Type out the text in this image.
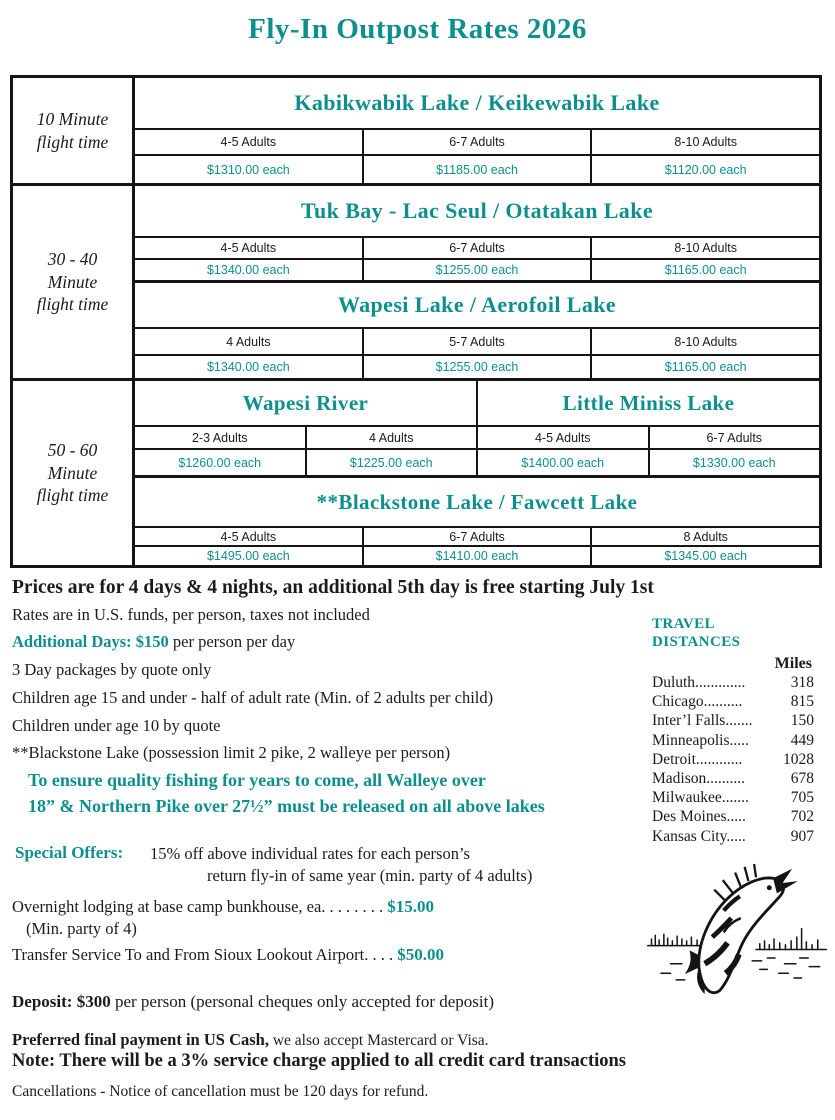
Fly-In Outpost Rates 2026
10 Minute
flight time
Kabikwabik Lake / Keikewabik Lake
4-5 Adults	6-7 Adults	8-10 Adults
$1310.00 each	$1185.00 each	$1120.00 each
30 - 40
Minute
flight time
Tuk Bay - Lac Seul / Otatakan Lake
4-5 Adults	6-7 Adults	8-10 Adults
$1340.00 each	$1255.00 each	$1165.00 each
Wapesi Lake / Aerofoil Lake
4 Adults	5-7 Adults	8-10 Adults
$1340.00 each	$1255.00 each	$1165.00 each
50 - 60
Minute
flight time
Wapesi River
2-3 Adults	4 Adults
$1260.00 each	$1225.00 each
Little Miniss Lake
4-5 Adults	6-7 Adults
$1400.00 each	$1330.00 each
**Blackstone Lake / Fawcett Lake
4-5 Adults	6-7 Adults	8 Adults
$1495.00 each	$1410.00 each	$1345.00 each
Prices are for 4 days & 4 nights, an additional 5th day is free starting July 1st
Rates are in U.S. funds, per person, taxes not included
Additional Days: $150 per person per day
3 Day packages by quote only
Children age 15 and under - half of adult rate (Min. of 2 adults per child)
Children under age 10 by quote
**Blackstone Lake (possession limit 2 pike, 2 walleye per person)
To ensure quality fishing for years to come, all Walleye over
18” & Northern Pike over 27½” must be released on all above lakes
Special Offers: 15% off above individual rates for each person’s
return fly-in of same year (min. party of 4 adults)
Overnight lodging at base camp bunkhouse, ea. . . . . . . . $15.00
(Min. party of 4)
Transfer Service To and From Sioux Lookout Airport. . . . $50.00
Deposit: $300 per person (personal cheques only accepted for deposit)
Preferred final payment in US Cash, we also accept Mastercard or Visa.
Note: There will be a 3% service charge applied to all credit card transactions
Cancellations - Notice of cancellation must be 120 days for refund.
TRAVEL
DISTANCES
Miles
Duluth.............	318
Chicago..........	815
Inter’l Falls....... 150
Minneapolis.....	449
Detroit............	1028
Madison..........	678
Milwaukee.......	705
Des Moines.....	702
Kansas City.....	907
